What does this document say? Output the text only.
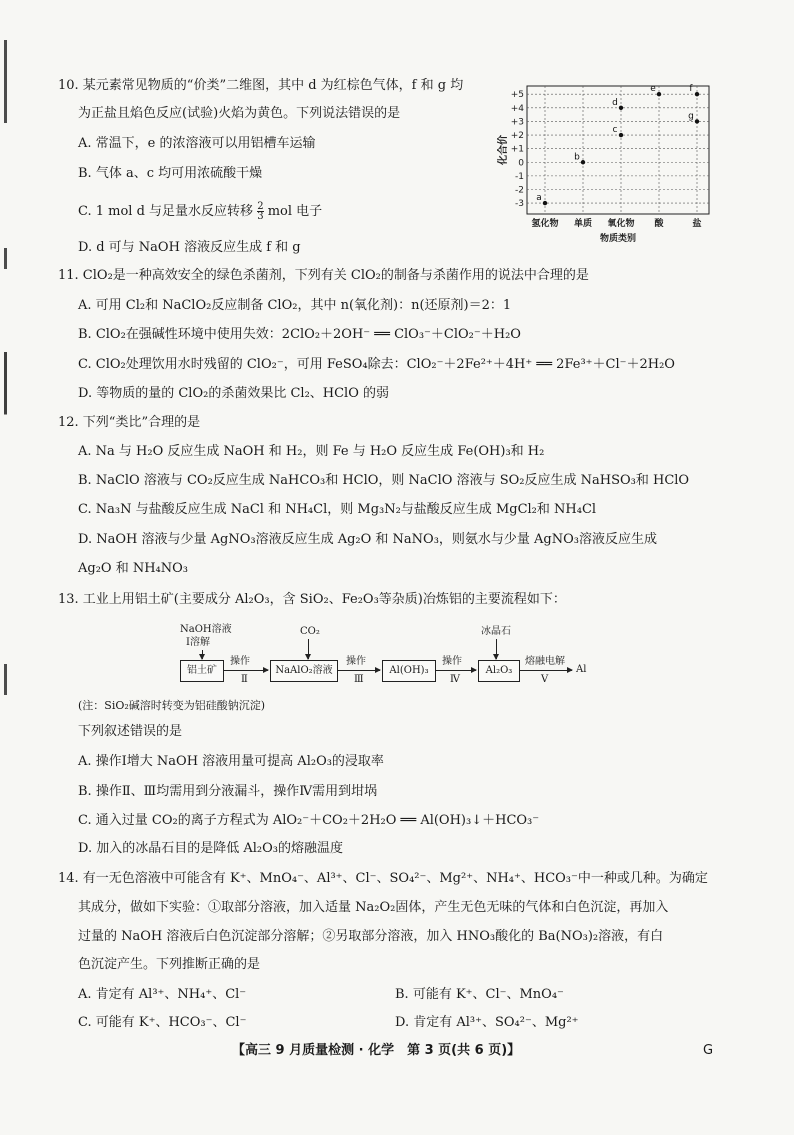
10. 某元素常见物质的“价类”二维图，其中 d 为红棕色气体，f 和 g 均
为正盐且焰色反应(试验)火焰为黄色。下列说法错误的是
A. 常温下，e 的浓溶液可以用铝槽车运输
B. 气体 a、c 均可用浓硫酸干燥
C. 1 mol d 与足量水反应转移 $\frac{2}{3}$ mol 电子
D. d 可与 NaOH 溶液反应生成 f 和 g
+5
+4
+3
+2
+1
0
-1
-2
-3
氢化物 单质 氧化物 酸	盐
化合价
物质类别
a
b
c
d
e	f
g
11. ClO₂是一种高效安全的绿色杀菌剂，下列有关 ClO₂的制备与杀菌作用的说法中合理的是
A. 可用 Cl₂和 NaClO₂反应制备 ClO₂，其中 n(氧化剂)：n(还原剂)＝2：1
B. ClO₂在强碱性环境中使用失效：2ClO₂＋2OH⁻ ══ ClO₃⁻＋ClO₂⁻＋H₂O
C. ClO₂处理饮用水时残留的 ClO₂⁻，可用 FeSO₄除去：ClO₂⁻＋2Fe²⁺＋4H⁺ ══ 2Fe³⁺＋Cl⁻＋2H₂O
D. 等物质的量的 ClO₂的杀菌效果比 Cl₂、HClO 的弱
12. 下列“类比”合理的是
A. Na 与 H₂O 反应生成 NaOH 和 H₂，则 Fe 与 H₂O 反应生成 Fe(OH)₃和 H₂
B. NaClO 溶液与 CO₂反应生成 NaHCO₃和 HClO，则 NaClO 溶液与 SO₂反应生成 NaHSO₃和 HClO
C. Na₃N 与盐酸反应生成 NaCl 和 NH₄Cl，则 Mg₃N₂与盐酸反应生成 MgCl₂和 NH₄Cl
D. NaOH 溶液与少量 AgNO₃溶液反应生成 Ag₂O 和 NaNO₃，则氨水与少量 AgNO₃溶液反应生成
Ag₂O 和 NH₄NO₃
13. 工业上用铝土矿(主要成分 Al₂O₃，含 SiO₂、Fe₂O₃等杂质)冶炼铝的主要流程如下：
NaOH溶液
Ⅰ溶解
CO₂	冰晶石
铝土矿
操作
Ⅱ
NaAlO₂溶液
操作
Ⅲ
Al(OH)₃
操作
Ⅳ
Al₂O₃
熔融电解
Ⅴ
Al
(注：SiO₂碱溶时转变为铝硅酸钠沉淀)
下列叙述错误的是
A. 操作Ⅰ增大 NaOH 溶液用量可提高 Al₂O₃的浸取率
B. 操作Ⅱ、Ⅲ均需用到分液漏斗，操作Ⅳ需用到坩埚
C. 通入过量 CO₂的离子方程式为 AlO₂⁻＋CO₂＋2H₂O ══ Al(OH)₃↓＋HCO₃⁻
D. 加入的冰晶石目的是降低 Al₂O₃的熔融温度
14. 有一无色溶液中可能含有 K⁺、MnO₄⁻、Al³⁺、Cl⁻、SO₄²⁻、Mg²⁺、NH₄⁺、HCO₃⁻中一种或几种。为确定
其成分，做如下实验：①取部分溶液，加入适量 Na₂O₂固体，产生无色无味的气体和白色沉淀，再加入
过量的 NaOH 溶液后白色沉淀部分溶解；②另取部分溶液，加入 HNO₃酸化的 Ba(NO₃)₂溶液，有白
色沉淀产生。下列推断正确的是
A. 肯定有 Al³⁺、NH₄⁺、Cl⁻	B. 可能有 K⁺、Cl⁻、MnO₄⁻
C. 可能有 K⁺、HCO₃⁻、Cl⁻	D. 肯定有 Al³⁺、SO₄²⁻、Mg²⁺
【高三 9 月质量检测 · 化学　第 3 页(共 6 页)】	G
